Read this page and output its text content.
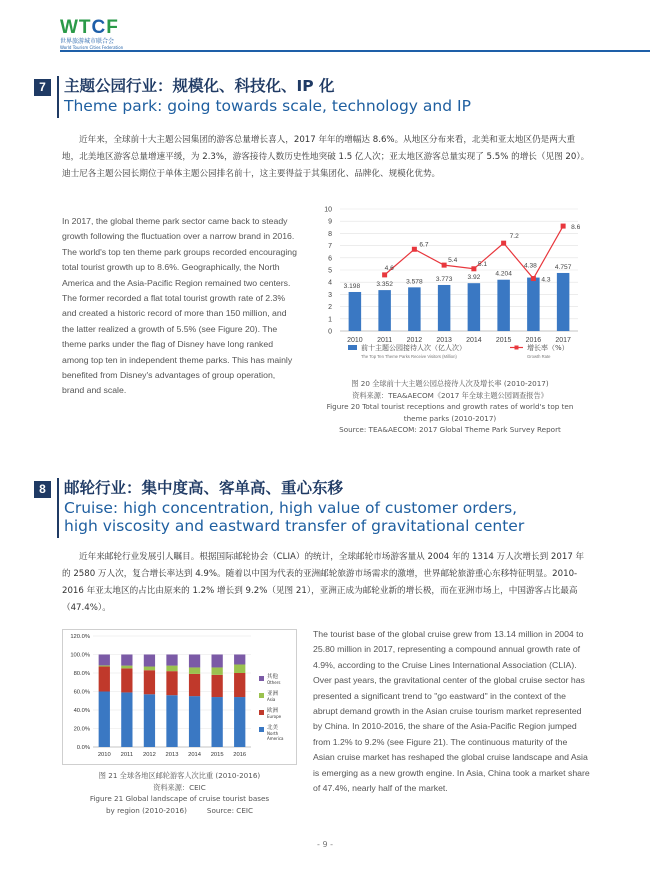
WTCF
世界旅游城市联合会
World Tourism Cities Federation
7	主题公园行业：规模化、科技化、IP 化
Theme park: going towards scale, technology and IP
近年来，全球前十大主题公园集团的游客总量增长喜人，2017 年年的增幅达 8.6%。从地区分布来看，北美和亚太地区仍是两大重地，北美地区游客总量增速平缓，为 2.3%，游客接待人数历史性地突破 1.5 亿人次；亚太地区游客总量实现了 5.5% 的增长（见图 20）。迪士尼各主题公园长期位于单体主题公园排名前十，这主要得益于其集团化、品牌化、规模化优势。
In 2017, the global theme park sector came back to steady growth following the fluctuation over a narrow brand in 2016. The world's top ten theme park groups recorded encouraging total tourist growth up to 8.6%. Geographically, the North America and the Asia-Pacific Region remained two centers. The former recorded a flat total tourist growth rate of 2.3% and created a historic record of more than 150 million, and the latter realized a growth of 5.5% (see Figure 20). The theme parks under the flag of Disney have long ranked among top ten in independent theme parks. This has mainly benefited from Disney's advantages of group operation, brand and scale.
0
1
2
3
4
5
6
7
8
9
10
2010 2011 2012 2013 2014 2015 2016 2017
3.198 3.352 3.578 3.773 3.92 4.204
4.38	4.757
4.6
6.7
5.4
5.1
7.2
4.3
8.6
前十主题公园接待人次（亿人次）
The Top Ten Theme Parks Receive Visitors (Million)
增长率（%）
Growth Rate
图 20 全球前十大主题公园总接待人次及增长率 (2010-2017)
资料来源：TEA&AECOM《2017 年全球主题公园调查报告》
Figure 20 Total tourist receptions and growth rates of world's top ten theme parks (2010-2017)
Source: TEA&AECOM: 2017 Global Theme Park Survey Report
8	邮轮行业：集中度高、客单高、重心东移
Cruise: high concentration, high value of customer orders,
high viscosity and eastward transfer of gravitational center
近年来邮轮行业发展引人瞩目。根据国际邮轮协会（CLIA）的统计，全球邮轮市场游客量从 2004 年的 1314 万人次增长到 2017 年的 2580 万人次，复合增长率达到 4.9%。随着以中国为代表的亚洲邮轮旅游市场需求的激增，世界邮轮旅游重心东移特征明显。2010-2016 年亚太地区的占比由原来的 1.2% 增长到 9.2%（见图 21），亚洲正成为邮轮业新的增长极，而在亚洲市场上，中国游客占比最高（47.4%）。
0.0%
20.0%
40.0%
60.0%
80.0%
100.0%
120.0%
2010 2011 2012 2013 2014 2015 2016
其他
Others
亚洲
Asia
欧洲
Europe
北美
North America
图 21 全球各地区邮轮游客人次比重 (2010-2016)
资料来源：CEIC
Figure 21 Global landscape of cruise tourist bases
by region (2010-2016)	Source: CEIC
The tourist base of the global cruise grew from 13.14 million in 2004 to 25.80 million in 2017, representing a compound annual growth rate of 4.9%, according to the Cruise Lines International Association (CLIA). Over past years, the gravitational center of the global cruise sector has presented a significant trend to "go eastward" in the context of the abrupt demand growth in the Asian cruise tourism market represented by China. In 2010-2016, the share of the Asia-Pacific Region jumped from 1.2% to 9.2% (see Figure 21). The continuous maturity of the Asian cruise market has reshaped the global cruise landscape and Asia is emerging as a new growth engine. In Asia, China took a market share of 47.4%, nearly half of the market.
- 9 -
